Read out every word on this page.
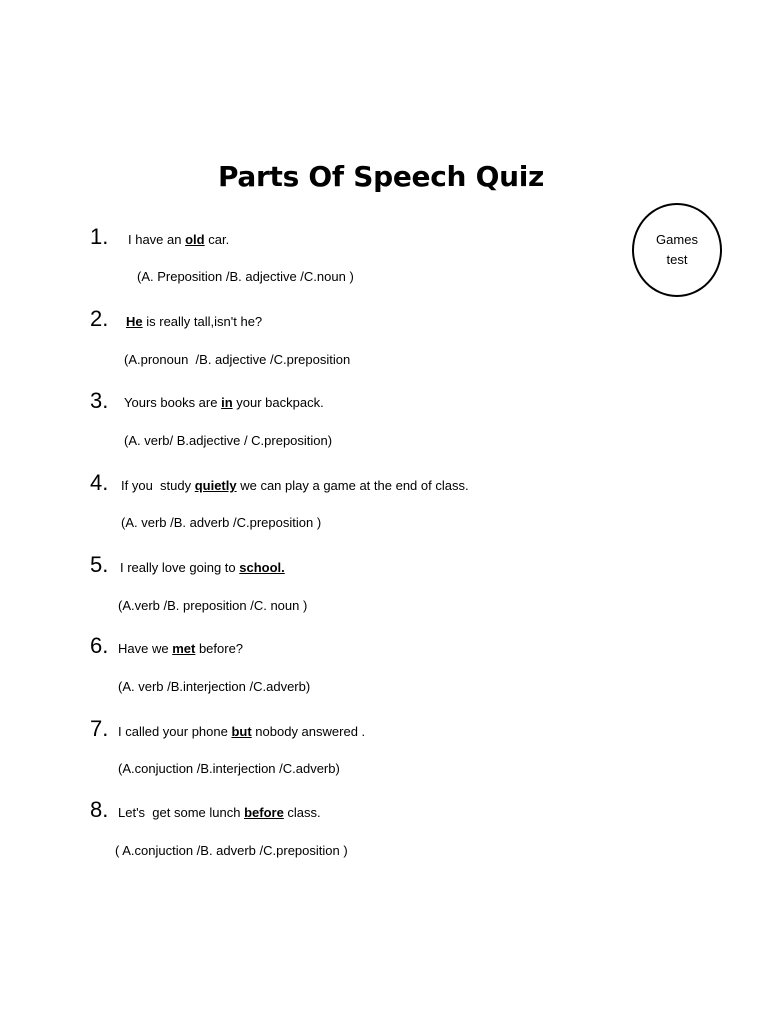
Parts Of Speech Quiz
Games
test
1. I have an old car.
(A. Preposition /B. adjective /C.noun )
2. He is really tall,isn't he?
(A.pronoun  /B. adjective /C.preposition
3. Yours books are in your backpack.
(A. verb/ B.adjective / C.preposition)
4. If you  study quietly we can play a game at the end of class.
(A. verb /B. adverb /C.preposition )
5. I really love going to school.
(A.verb /B. preposition /C. noun )
6. Have we met before?
(A. verb /B.interjection /C.adverb)
7. I called your phone but nobody answered .
(A.conjuction /B.interjection /C.adverb)
8. Let's  get some lunch before class.
( A.conjuction /B. adverb /C.preposition )
